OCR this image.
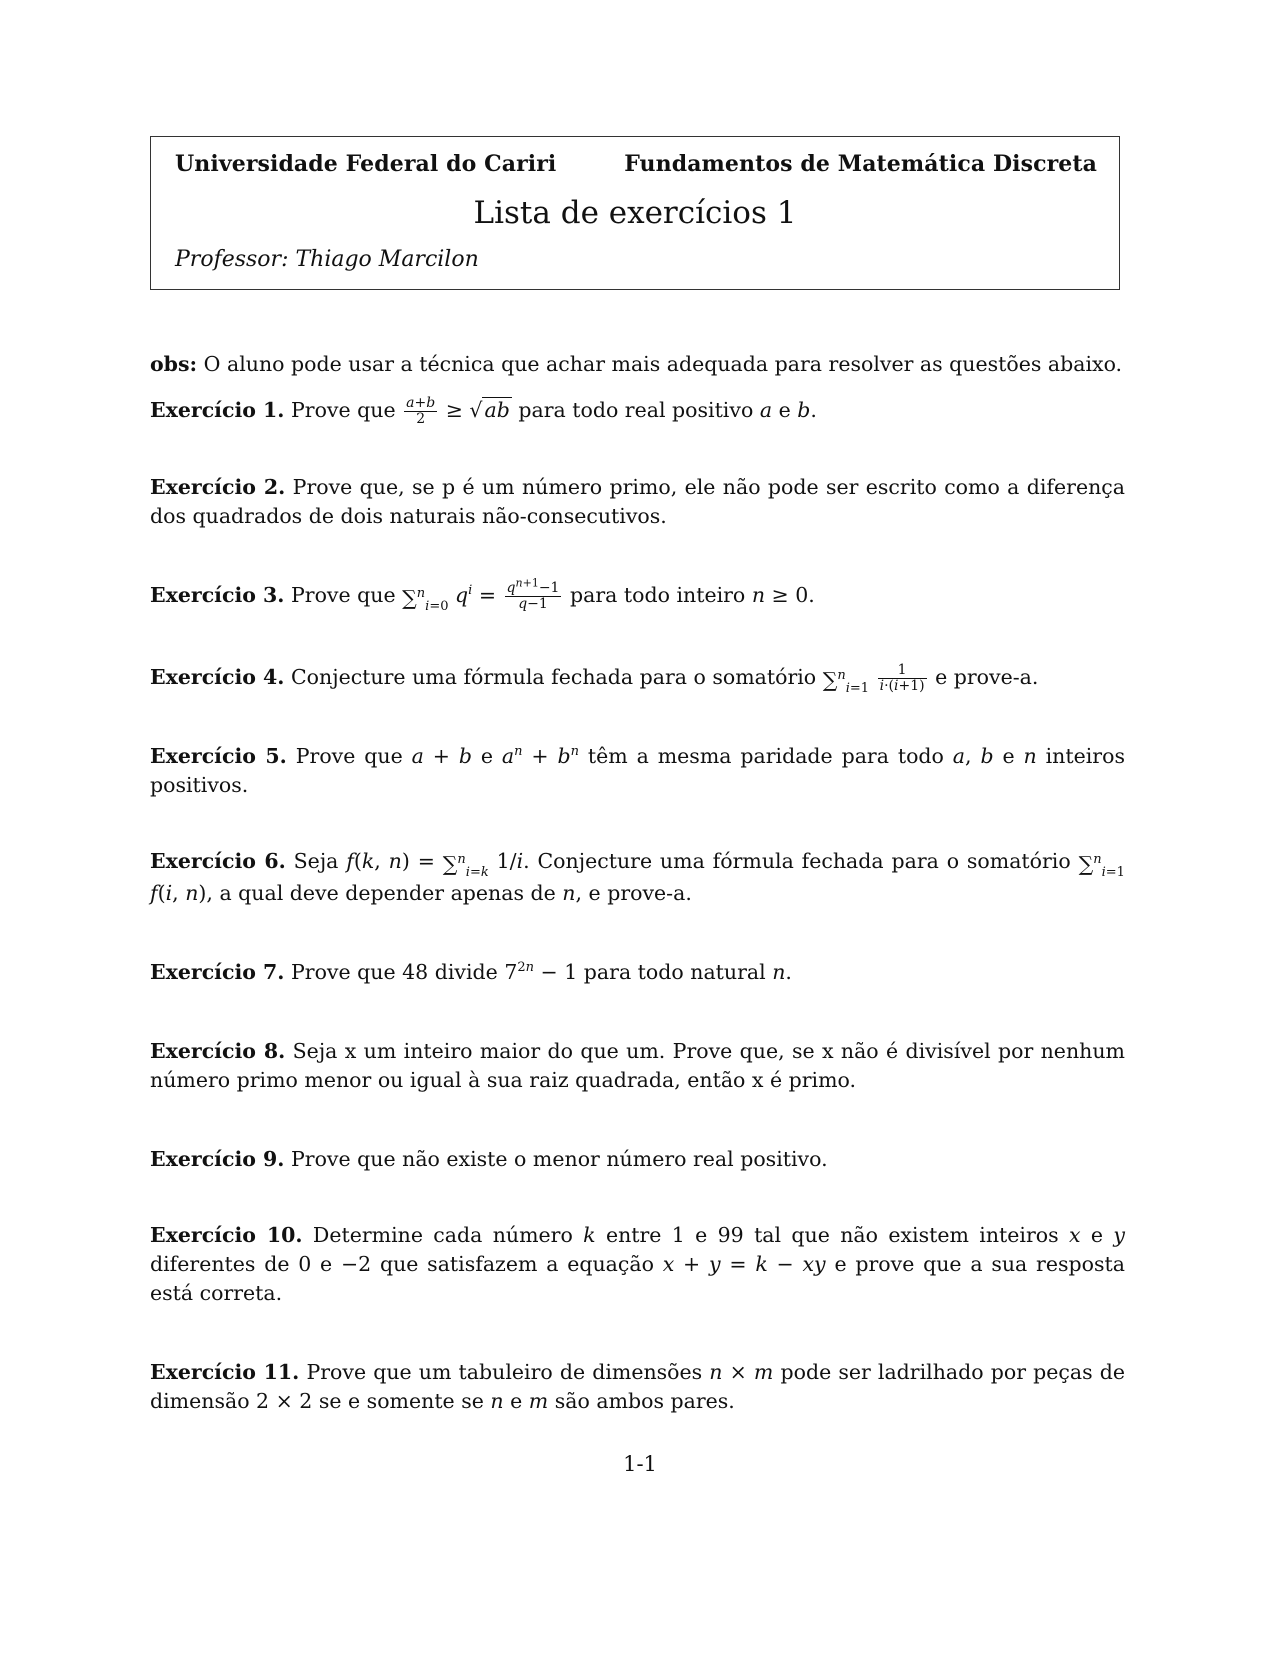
Universidade Federal do Cariri	Fundamentos de Matemática Discreta
Lista de exercícios 1
Professor: Thiago Marcilon

obs: O aluno pode usar a técnica que achar mais adequada para resolver as questões abaixo.

Exercício 1. Prove que $\frac{a+b}{2} \ge √ab$ para todo real positivo a e b.

Exercício 2. Prove que, se p é um número primo, ele não pode ser escrito como a diferença dos quadrados de dois naturais não-consecutivos.

Exercício 3. Prove que ∑$^n_{i=0}$ $q^i = \frac{q^{n+1}-1}{q-1}$ para todo inteiro n ≥ 0.

Exercício 4. Conjecture uma fórmula fechada para o somatório $\sum^n_{i=1} \frac{1}{i\cdot(i+1)}$ e prove-a.

Exercício 5. Prove que a + b e $a^n + b^n$ têm a mesma paridade para todo a, b e n inteiros positivos.

Exercício 6. Seja f(k, n) = ∑$^n_{i=k}$ 1/i. Conjecture uma fórmula fechada para o somatório ∑$^n_{i=1}$ f(i, n), a qual deve depender apenas de n, e prove-a.

Exercício 7. Prove que 48 divide $7^{2n} - 1$ para todo natural n.

Exercício 8. Seja x um inteiro maior do que um. Prove que, se x não é divisível por nenhum número primo menor ou igual à sua raiz quadrada, então x é primo.

Exercício 9. Prove que não existe o menor número real positivo.

Exercício 10. Determine cada número k entre 1 e 99 tal que não existem inteiros x e y diferentes de 0 e −2 que satisfazem a equação x + y = k − xy e prove que a sua resposta está correta.

Exercício 11. Prove que um tabuleiro de dimensões n × m pode ser ladrilhado por peças de dimensão 2 × 2 se e somente se n e m são ambos pares.

1-1
